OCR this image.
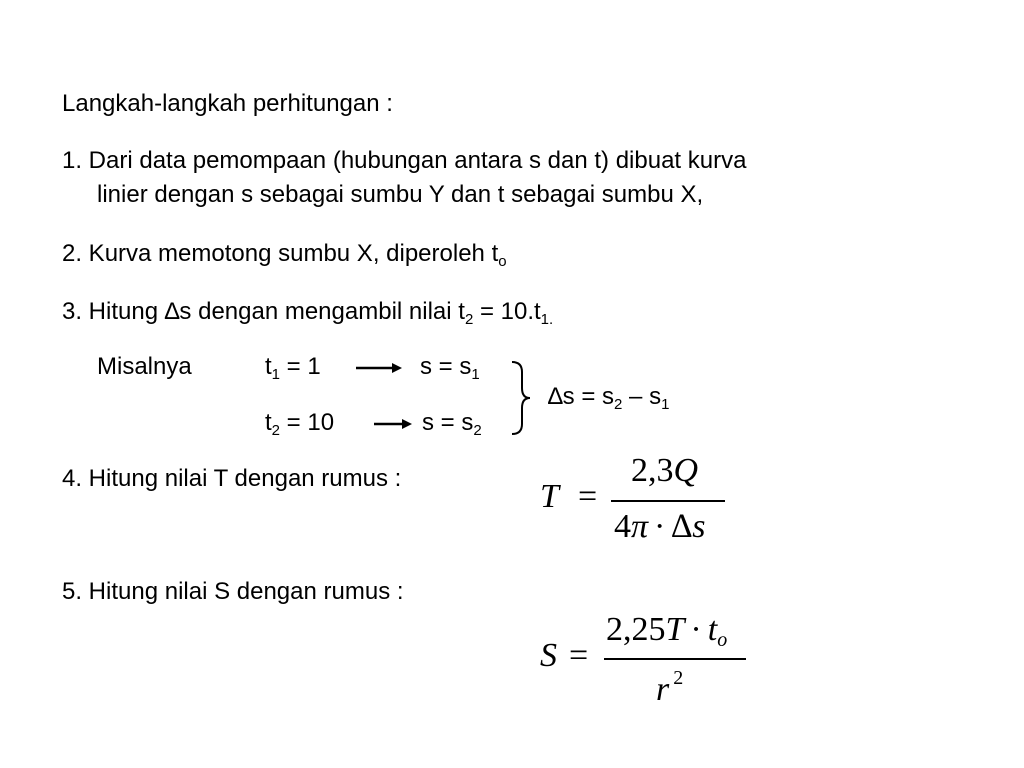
Langkah-langkah perhitungan :
1. Dari data pemompaan (hubungan antara s dan t) dibuat kurva
linier dengan s sebagai sumbu Y dan t sebagai sumbu X,
2. Kurva memotong sumbu X, diperoleh $t_o$
3. Hitung ∆s dengan mengambil nilai $t_2 = 10.t_{1.}$
Misalnya	$t_1 = 1$	$s = s_1$
$t_2 = 10$	$s = s_2$
$\Delta s = s_2 - s_1$
4. Hitung nilai T dengan rumus :	T =
2,3Q
4π · ∆s
5. Hitung nilai S dengan rumus :
S =
2,25T · to
r $^2$
